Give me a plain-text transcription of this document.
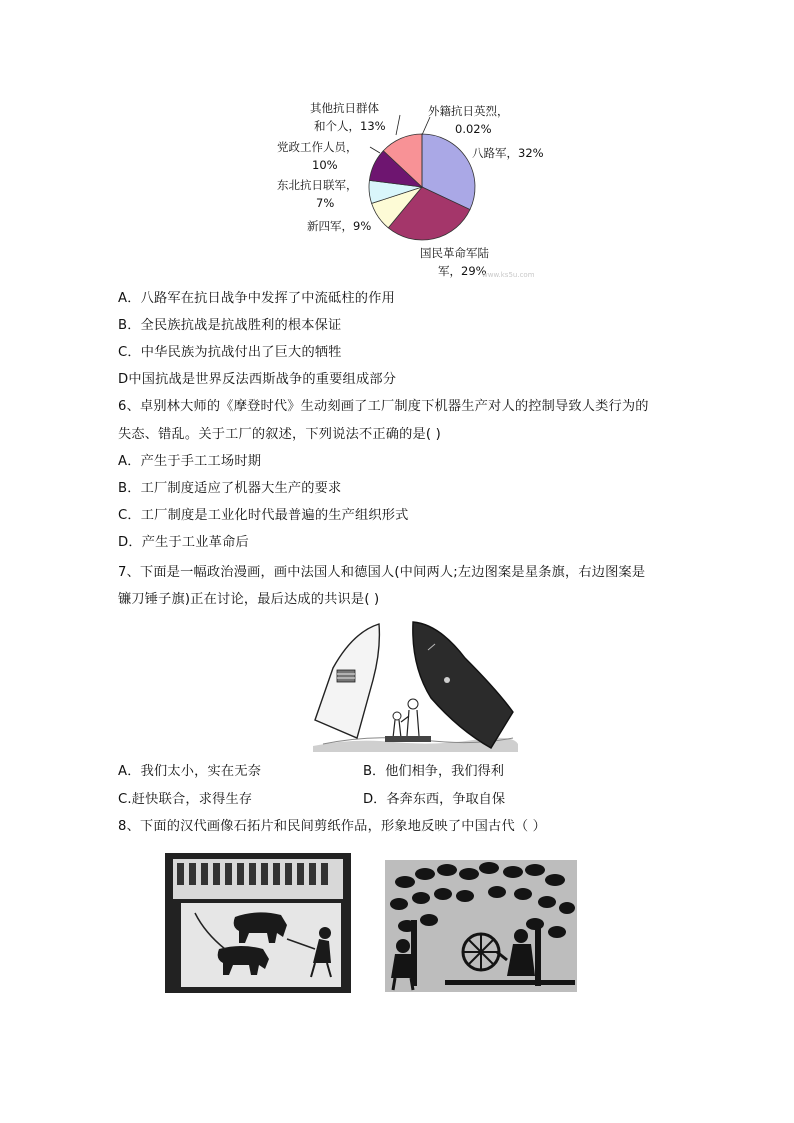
其他抗日群体
和个人，13%
外籍抗日英烈，
0.02%
八路军，32%
党政工作人员，
10%
东北抗日联军，
7%
新四军，9%
国民革命军陆
军，29%
www.ks5u.com
A．八路军在抗日战争中发挥了中流砥柱的作用
B．全民族抗战是抗战胜利的根本保证
C．中华民族为抗战付出了巨大的牺牲
D中国抗战是世界反法西斯战争的重要组成部分
6、卓别林大师的《摩登时代》生动刻画了工厂制度下机器生产对人的控制导致人类行为的
失态、错乱。关于工厂的叙述，下列说法不正确的是( )
A．产生于手工工场时期
B．工厂制度适应了机器大生产的要求
C．工厂制度是工业化时代最普遍的生产组织形式
D．产生于工业革命后
7、下面是一幅政治漫画，画中法国人和德国人(中间两人;左边图案是星条旗，右边图案是
镰刀锤子旗)正在讨论，最后达成的共识是( )
A．我们太小，实在无奈	B．他们相争，我们得利
C.赶快联合，求得生存	D．各奔东西，争取自保
8、下面的汉代画像石拓片和民间剪纸作品，形象地反映了中国古代（ ）
